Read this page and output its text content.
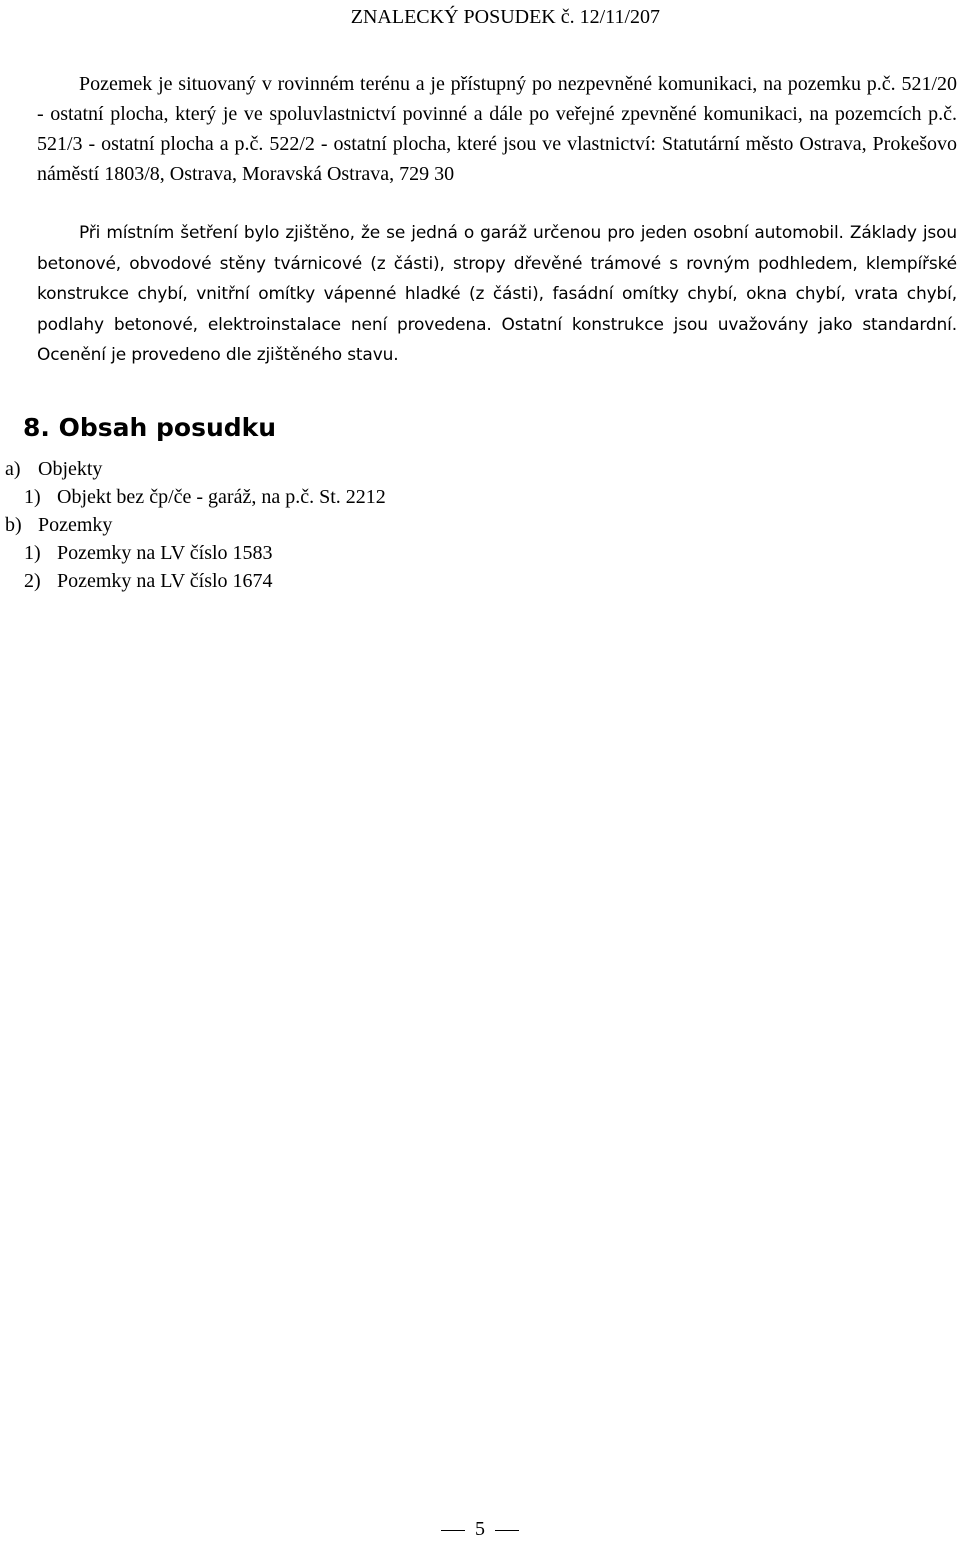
ZNALECKÝ POSUDEK č. 12/11/207

Pozemek je situovaný v rovinném terénu a je přístupný po nezpevněné komunikaci, na pozemku p.č. 521/20 - ostatní plocha, který je ve spoluvlastnictví povinné a dále po veřejné zpevněné komunikaci, na pozemcích p.č. 521/3 - ostatní plocha a p.č. 522/2 - ostatní plocha, které jsou ve vlastnictví: Statutární město Ostrava, Prokešovo náměstí 1803/8, Ostrava, Moravská Ostrava, 729 30

Při místním šetření bylo zjištěno, že se jedná o garáž určenou pro jeden osobní automobil. Základy jsou betonové, obvodové stěny tvárnicové (z části), stropy dřevěné trámové s rovným podhledem, klempířské konstrukce chybí, vnitřní omítky vápenné hladké (z části), fasádní omítky chybí, okna chybí, vrata chybí, podlahy betonové, elektroinstalace není provedena. Ostatní konstrukce jsou uvažovány jako standardní. Ocenění je provedeno dle zjištěného stavu.

8. Obsah posudku
a) Objekty
1) Objekt bez čp/če - garáž, na p.č. St. 2212
b) Pozemky
1) Pozemky na LV číslo 1583
2) Pozemky na LV číslo 1674
5
